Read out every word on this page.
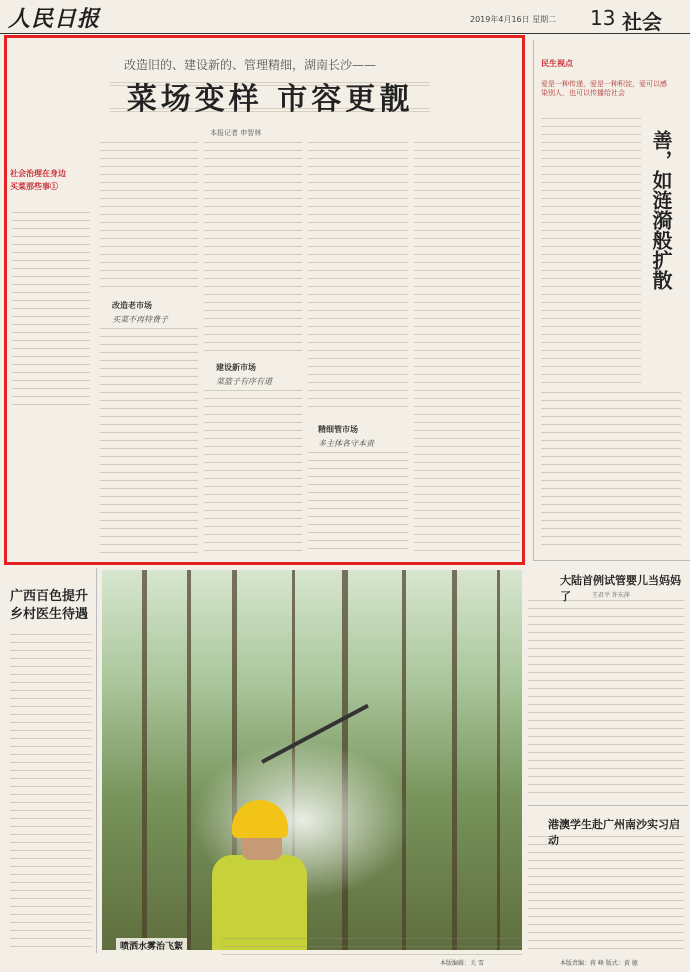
人民日报	2019年4月16日 星期二 13 社会
改造旧的、建设新的、管理精细，湖南长沙——
菜场变样 市容更靓
本报记者 申智林
社会治理在身边
买菜那些事①
改造老市场
买菜不再特费子
建设新市场
菜篮子有序有道
精细管市场
多主体各守本责
民生视点
爱是一种传递，爱是一种积淀，爱可以感染别人，也可以传播给社会
善，如涟漪般扩散
大陆首例试管婴儿当妈妈了	王君平 许东萍
港澳学生赴广州南沙实习启动
广西百色提升乡村医生待遇
喷洒水雾治飞絮
本版编辑：关 雪	本版责编：蒋 峰 版式：黄 德
